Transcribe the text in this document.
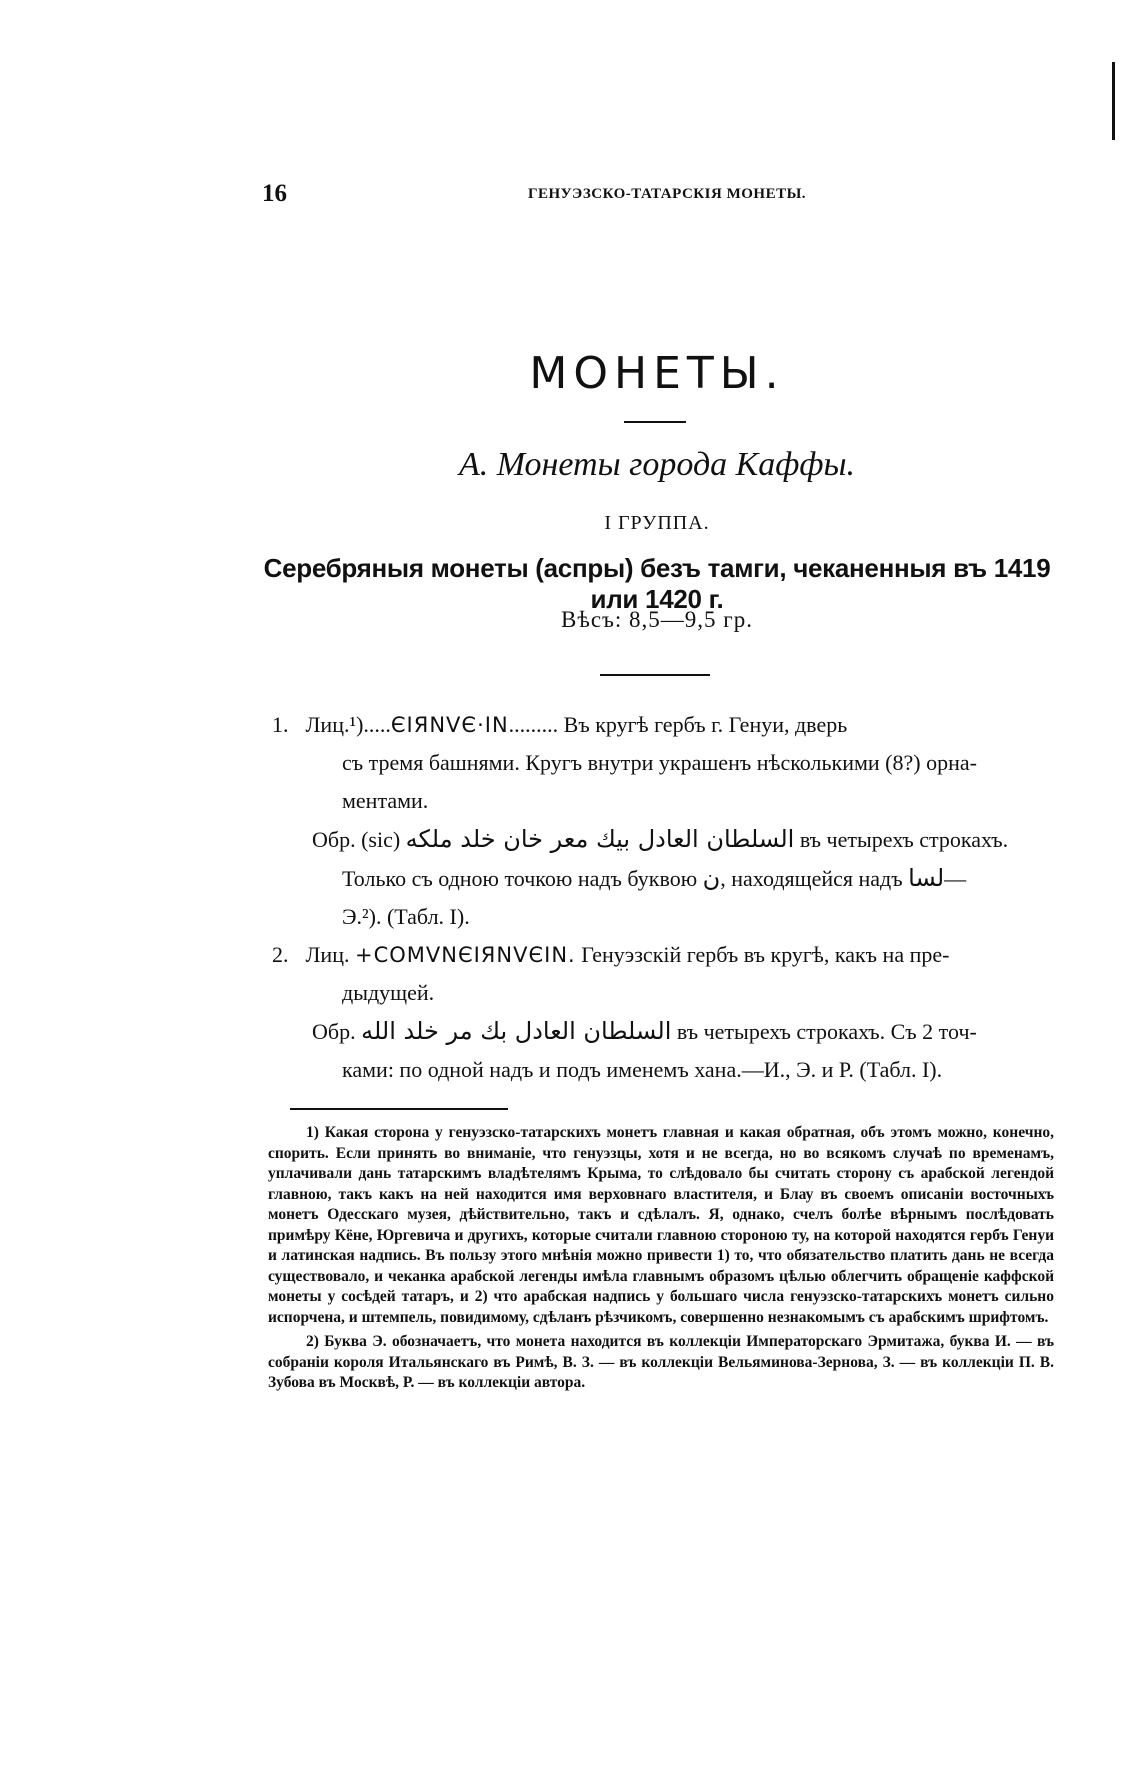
16	ГЕНУЭЗСКО-ТАТАРСКІЯ МОНЕТЫ.
МОНЕТЫ.
А. Монеты города Каффы.
I ГРУППА.
Серебряныя монеты (аспры) безъ тамги, чеканенныя въ 1419 или 1420 г.
Вѣсъ: 8,5—9,5 гр.
1. Лиц.¹).....ЄIЯNVЄ·IN......... Въ кругѣ гербъ г. Генуи, дверь
съ тремя башнями. Кругъ внутри украшенъ нѣсколькими (8?) орна-
ментами.
Обр. (sic) السلطان العادل بيك معر خان خلد ملكه въ четырехъ строкахъ.
Только съ одною точкою надъ буквою ن, находящейся надъ لسا—
Э.²). (Табл. I).
2. Лиц. +COMVNЄIЯNVЄIN. Генуэзскій гербъ въ кругѣ, какъ на пре-
дыдущей.
Обр. السلطان العادل بك مر خلد الله въ четырехъ строкахъ. Съ 2 точ-
ками: по одной надъ и подъ именемъ хана.—И., Э. и Р. (Табл. I).

1) Какая сторона у генуэзско-татарскихъ монетъ главная и какая обратная, объ этомъ можно, конечно, спорить. Если принять во вниманіе, что генуэзцы, хотя и не всегда, но во всякомъ случаѣ по временамъ, уплачивали дань татарскимъ владѣтелямъ Крыма, то слѣдовало бы считать сторону съ арабской легендой главною, такъ какъ на ней находится имя верховнаго властителя, и Блау въ своемъ описаніи восточныхъ монетъ Одесскаго музея, дѣйствительно, такъ и сдѣлалъ. Я, однако, счелъ болѣе вѣрнымъ послѣдовать примѣру Кёне, Юргевича и другихъ, которые считали главною стороною ту, на которой находятся гербъ Генуи и латинская надпись. Въ пользу этого мнѣнія можно привести 1) то, что обязательство платить дань не всегда существовало, и чеканка арабской легенды имѣла главнымъ образомъ цѣлью облегчить обращеніе каффской монеты у сосѣдей татаръ, и 2) что арабская надпись у большаго числа генуэзско-татарскихъ монетъ сильно испорчена, и штемпель, повидимому, сдѣланъ рѣзчикомъ, совершенно незнакомымъ съ арабскимъ шрифтомъ.

2) Буква Э. обозначаетъ, что монета находится въ коллекціи Императорскаго Эрмитажа, буква И. — въ собраніи короля Итальянскаго въ Римѣ, В. З. — въ коллекціи Вельяминова-Зернова, З. — въ коллекціи П. В. Зубова въ Москвѣ, Р. — въ коллекціи автора.
